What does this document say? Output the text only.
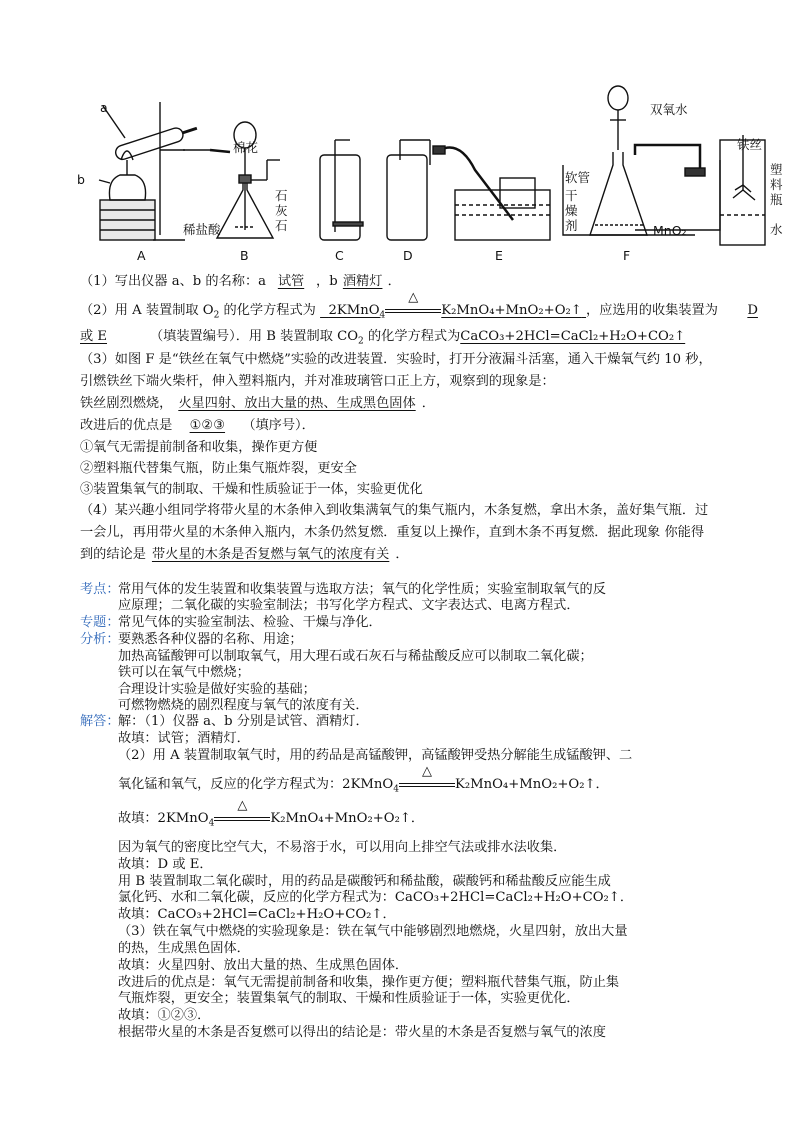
a
b
棉花
稀盐酸
石灰石
双氧水
软管
干燥剂	MnO₂
铁丝
塑料瓶
水
A	B	C	D	E	F
（1）写出仪器 a、b 的名称：a 试管 ，b 酒精灯 ．
（2）用 A 装置制取 $O_2$ 的化学方程式为 2KMnO$_4$
△
K₂MnO₄+MnO₂+O₂↑ ，应选用的收集装置为 D
或 E	（填装置编号）．用 B 装置制取 $CO_2$ 的化学方程式为CaCO₃+2HCl=CaCl₂+H₂O+CO₂↑
（3）如图 F 是“铁丝在氧气中燃烧”实验的改进装置．实验时，打开分液漏斗活塞，通入干燥氧气约 10 秒，
引燃铁丝下端火柴杆，伸入塑料瓶内，并对准玻璃管口正上方，观察到的现象是：
铁丝剧烈燃烧， 火星四射、放出大量的热、生成黑色固体 ．
改进后的优点是 ①②③ （填序号）．
①氧气无需提前制备和收集，操作更方便
②塑料瓶代替集气瓶，防止集气瓶炸裂，更安全
③装置集氧气的制取、干燥和性质验证于一体，实验更优化
（4）某兴趣小组同学将带火星的木条伸入到收集满氧气的集气瓶内，木条复燃，拿出木条，盖好集气瓶．过
一会儿，再用带火星的木条伸入瓶内，木条仍然复燃．重复以上操作，直到木条不再复燃．据此现象 你能得
到的结论是 带火星的木条是否复燃与氧气的浓度有关 ．
考点：
常用气体的发生装置和收集装置与选取方法；氧气的化学性质；实验室制取氧气的反
应原理；二氧化碳的实验室制法；书写化学方程式、文字表达式、电离方程式．
专题：
常见气体的实验室制法、检验、干燥与净化．
分析：
要熟悉各种仪器的名称、用途；
加热高锰酸钾可以制取氧气，用大理石或石灰石与稀盐酸反应可以制取二氧化碳；
铁可以在氧气中燃烧；
合理设计实验是做好实验的基础；
可燃物燃烧的剧烈程度与氧气的浓度有关．
解答：
解：（1）仪器 a、b 分别是试管、酒精灯．
故填：试管；酒精灯．
（2）用 A 装置制取氧气时，用的药品是高锰酸钾，高锰酸钾受热分解能生成锰酸钾、二
氧化锰和氧气，反应的化学方程式为：2KMnO$_4$
△
K₂MnO₄+MnO₂+O₂↑．
故填：2KMnO$_4$
△
K₂MnO₄+MnO₂+O₂↑．
因为氧气的密度比空气大，不易溶于水，可以用向上排空气法或排水法收集．
故填：D 或 E．
用 B 装置制取二氧化碳时，用的药品是碳酸钙和稀盐酸，碳酸钙和稀盐酸反应能生成
氯化钙、水和二氧化碳，反应的化学方程式为：CaCO₃+2HCl=CaCl₂+H₂O+CO₂↑．
故填：CaCO₃+2HCl=CaCl₂+H₂O+CO₂↑．
（3）铁在氧气中燃烧的实验现象是：铁在氧气中能够剧烈地燃烧，火星四射，放出大量
的热，生成黑色固体．
故填：火星四射、放出大量的热、生成黑色固体．
改进后的优点是：氧气无需提前制备和收集，操作更方便；塑料瓶代替集气瓶，防止集
气瓶炸裂，更安全；装置集氧气的制取、干燥和性质验证于一体，实验更优化．
故填：①②③．
根据带火星的木条是否复燃可以得出的结论是：带火星的木条是否复燃与氧气的浓度
